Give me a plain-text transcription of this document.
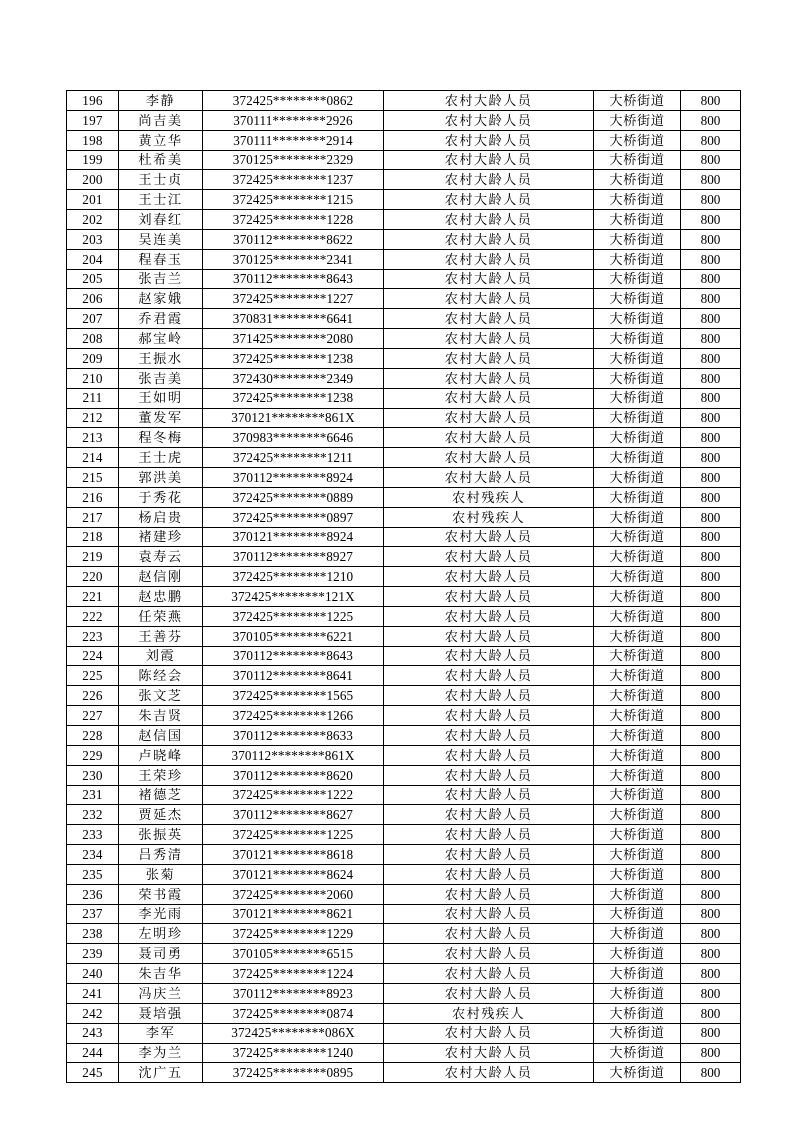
196	李静	372425********0862	农村大龄人员	大桥街道	800
197	尚吉美	370111********2926	农村大龄人员	大桥街道	800
198	黄立华	370111********2914	农村大龄人员	大桥街道	800
199	杜希美	370125********2329	农村大龄人员	大桥街道	800
200	王士贞	372425********1237	农村大龄人员	大桥街道	800
201	王士江	372425********1215	农村大龄人员	大桥街道	800
202	刘春红	372425********1228	农村大龄人员	大桥街道	800
203	吴连美	370112********8622	农村大龄人员	大桥街道	800
204	程春玉	370125********2341	农村大龄人员	大桥街道	800
205	张吉兰	370112********8643	农村大龄人员	大桥街道	800
206	赵家娥	372425********1227	农村大龄人员	大桥街道	800
207	乔君霞	370831********6641	农村大龄人员	大桥街道	800
208	郝宝岭	371425********2080	农村大龄人员	大桥街道	800
209	王振水	372425********1238	农村大龄人员	大桥街道	800
210	张吉美	372430********2349	农村大龄人员	大桥街道	800
211	王如明	372425********1238	农村大龄人员	大桥街道	800
212	董发军	370121********861X	农村大龄人员	大桥街道	800
213	程冬梅	370983********6646	农村大龄人员	大桥街道	800
214	王士虎	372425********1211	农村大龄人员	大桥街道	800
215	郭洪美	370112********8924	农村大龄人员	大桥街道	800
216	于秀花	372425********0889	农村残疾人	大桥街道	800
217	杨启贵	372425********0897	农村残疾人	大桥街道	800
218	褚建珍	370121********8924	农村大龄人员	大桥街道	800
219	袁寿云	370112********8927	农村大龄人员	大桥街道	800
220	赵信刚	372425********1210	农村大龄人员	大桥街道	800
221	赵忠鹏	372425********121X	农村大龄人员	大桥街道	800
222	任荣燕	372425********1225	农村大龄人员	大桥街道	800
223	王善芬	370105********6221	农村大龄人员	大桥街道	800
224	刘霞	370112********8643	农村大龄人员	大桥街道	800
225	陈经会	370112********8641	农村大龄人员	大桥街道	800
226	张文芝	372425********1565	农村大龄人员	大桥街道	800
227	朱吉贤	372425********1266	农村大龄人员	大桥街道	800
228	赵信国	370112********8633	农村大龄人员	大桥街道	800
229	卢晓峰	370112********861X	农村大龄人员	大桥街道	800
230	王荣珍	370112********8620	农村大龄人员	大桥街道	800
231	褚德芝	372425********1222	农村大龄人员	大桥街道	800
232	贾延杰	370112********8627	农村大龄人员	大桥街道	800
233	张振英	372425********1225	农村大龄人员	大桥街道	800
234	吕秀清	370121********8618	农村大龄人员	大桥街道	800
235	张菊	370121********8624	农村大龄人员	大桥街道	800
236	荣书霞	372425********2060	农村大龄人员	大桥街道	800
237	李光雨	370121********8621	农村大龄人员	大桥街道	800
238	左明珍	372425********1229	农村大龄人员	大桥街道	800
239	聂司勇	370105********6515	农村大龄人员	大桥街道	800
240	朱吉华	372425********1224	农村大龄人员	大桥街道	800
241	冯庆兰	370112********8923	农村大龄人员	大桥街道	800
242	聂培强	372425********0874	农村残疾人	大桥街道	800
243	李军	372425********086X	农村大龄人员	大桥街道	800
244	李为兰	372425********1240	农村大龄人员	大桥街道	800
245	沈广五	372425********0895	农村大龄人员	大桥街道	800
